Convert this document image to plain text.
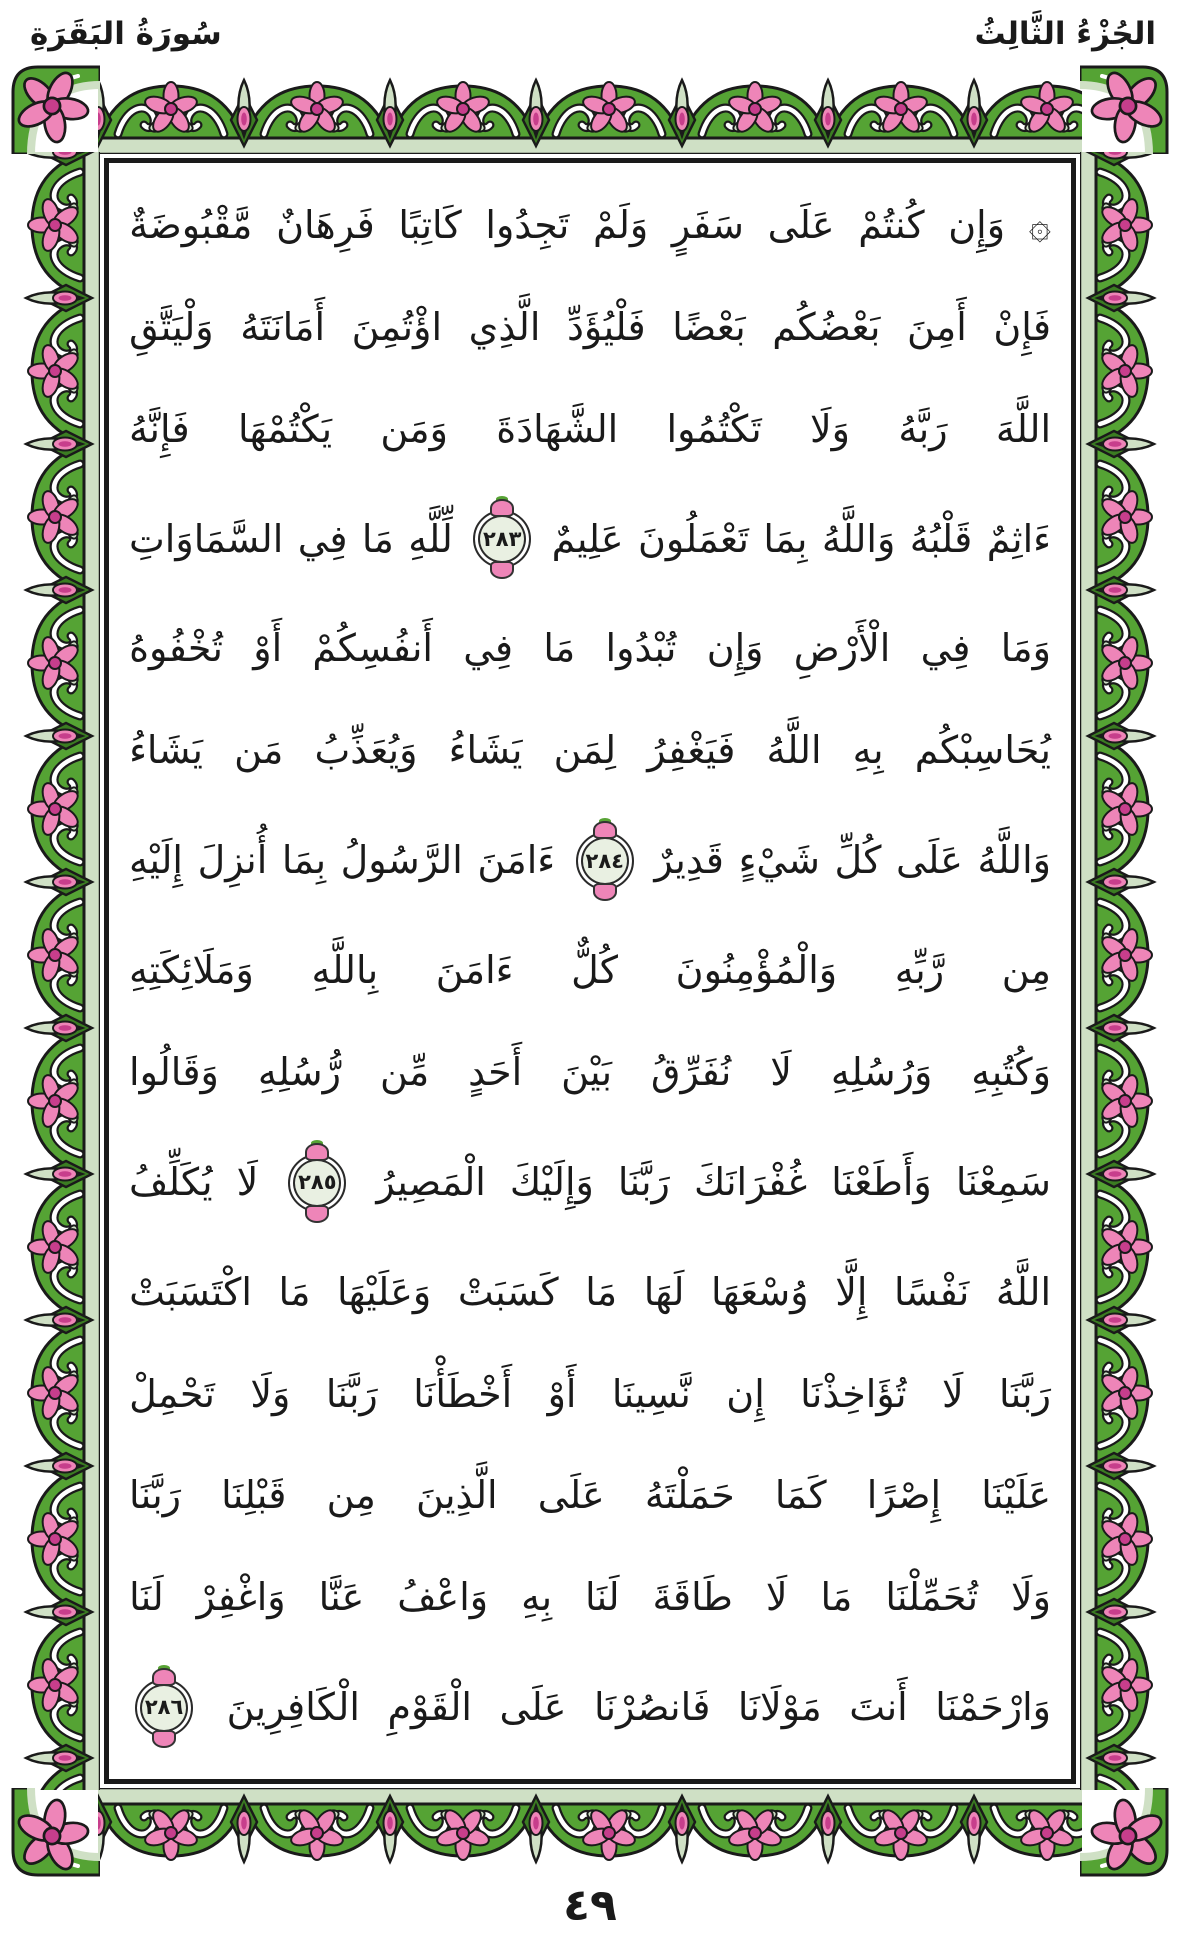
الجُزْءُ الثَّالِثُ
سُورَةُ البَقَرَةِ
۞
وَإِن
كُنتُمْ
عَلَى
سَفَرٍ
وَلَمْ
تَجِدُوا
كَاتِبًا
فَرِهَانٌ
مَّقْبُوضَةٌ
فَإِنْ
أَمِنَ
بَعْضُكُم
بَعْضًا
فَلْيُؤَدِّ
الَّذِي
اؤْتُمِنَ
أَمَانَتَهُ
وَلْيَتَّقِ
اللَّهَ
رَبَّهُ
وَلَا
تَكْتُمُوا
الشَّهَادَةَ
وَمَن
يَكْتُمْهَا
فَإِنَّهُ
ءَاثِمٌ
قَلْبُهُ
وَاللَّهُ
بِمَا
تَعْمَلُونَ
عَلِيمٌ
٢٨٣
لِّلَّهِ
مَا
فِي
السَّمَاوَاتِ
وَمَا
فِي
الْأَرْضِ
وَإِن
تُبْدُوا
مَا
فِي
أَنفُسِكُمْ
أَوْ
تُخْفُوهُ
يُحَاسِبْكُم
بِهِ
اللَّهُ
فَيَغْفِرُ
لِمَن
يَشَاءُ
وَيُعَذِّبُ
مَن
يَشَاءُ
وَاللَّهُ
عَلَى
كُلِّ
شَيْءٍ
قَدِيرٌ
٢٨٤
ءَامَنَ
الرَّسُولُ
بِمَا
أُنزِلَ
إِلَيْهِ
مِن
رَّبِّهِ
وَالْمُؤْمِنُونَ
كُلٌّ
ءَامَنَ
بِاللَّهِ
وَمَلَائِكَتِهِ
وَكُتُبِهِ
وَرُسُلِهِ
لَا
نُفَرِّقُ
بَيْنَ
أَحَدٍ
مِّن
رُّسُلِهِ
وَقَالُوا
سَمِعْنَا
وَأَطَعْنَا
غُفْرَانَكَ
رَبَّنَا
وَإِلَيْكَ
الْمَصِيرُ
٢٨٥
لَا
يُكَلِّفُ
اللَّهُ
نَفْسًا
إِلَّا
وُسْعَهَا
لَهَا
مَا
كَسَبَتْ
وَعَلَيْهَا
مَا
اكْتَسَبَتْ
رَبَّنَا
لَا
تُؤَاخِذْنَا
إِن
نَّسِينَا
أَوْ
أَخْطَأْنَا
رَبَّنَا
وَلَا
تَحْمِلْ
عَلَيْنَا
إِصْرًا
كَمَا
حَمَلْتَهُ
عَلَى
الَّذِينَ
مِن
قَبْلِنَا
رَبَّنَا
وَلَا
تُحَمِّلْنَا
مَا
لَا
طَاقَةَ
لَنَا
بِهِ
وَاعْفُ
عَنَّا
وَاغْفِرْ
لَنَا
وَارْحَمْنَا
أَنتَ
مَوْلَانَا
فَانصُرْنَا
عَلَى
الْقَوْمِ
الْكَافِرِينَ
٢٨٦
٤٩
